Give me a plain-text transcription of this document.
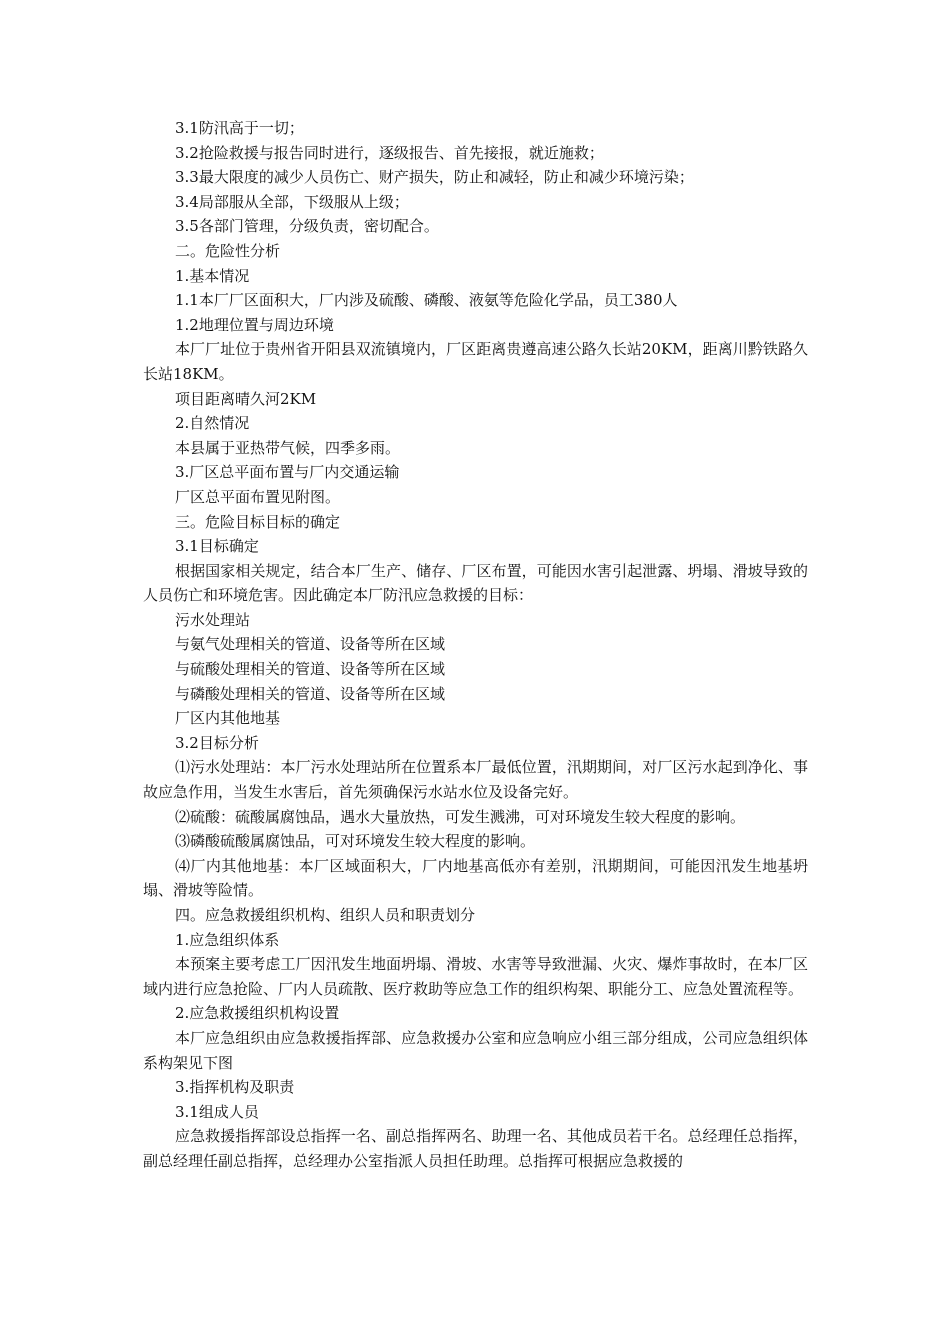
3.1防汛高于一切；

3.2抢险救援与报告同时进行，逐级报告、首先接报，就近施救；

3.3最大限度的减少人员伤亡、财产损失，防止和减轻，防止和减少环境污染；

3.4局部服从全部，下级服从上级；

3.5各部门管理，分级负责，密切配合。

二。危险性分析

1.基本情况

1.1本厂厂区面积大，厂内涉及硫酸、磷酸、液氨等危险化学品，员工380人

1.2地理位置与周边环境

本厂厂址位于贵州省开阳县双流镇境内，厂区距离贵遵高速公路久长站20KM，距离川黔铁路久长站18KM。

项目距离晴久河2KM

2.自然情况

本县属于亚热带气候，四季多雨。

3.厂区总平面布置与厂内交通运输

厂区总平面布置见附图。

三。危险目标目标的确定

3.1目标确定

根据国家相关规定，结合本厂生产、储存、厂区布置，可能因水害引起泄露、坍塌、滑坡导致的人员伤亡和环境危害。因此确定本厂防汛应急救援的目标：

污水处理站

与氨气处理相关的管道、设备等所在区域

与硫酸处理相关的管道、设备等所在区域

与磷酸处理相关的管道、设备等所在区域

厂区内其他地基

3.2目标分析

⑴污水处理站：本厂污水处理站所在位置系本厂最低位置，汛期期间，对厂区污水起到净化、事故应急作用，当发生水害后，首先须确保污水站水位及设备完好。

⑵硫酸：硫酸属腐蚀品，遇水大量放热，可发生溅沸，可对环境发生较大程度的影响。

⑶磷酸硫酸属腐蚀品，可对环境发生较大程度的影响。

⑷厂内其他地基：本厂区域面积大，厂内地基高低亦有差别，汛期期间，可能因汛发生地基坍塌、滑坡等险情。

四。应急救援组织机构、组织人员和职责划分

1.应急组织体系

本预案主要考虑工厂因汛发生地面坍塌、滑坡、水害等导致泄漏、火灾、爆炸事故时，在本厂区域内进行应急抢险、厂内人员疏散、医疗救助等应急工作的组织构架、职能分工、应急处置流程等。

2.应急救援组织机构设置

本厂应急组织由应急救援指挥部、应急救援办公室和应急响应小组三部分组成，公司应急组织体系构架见下图

3.指挥机构及职责

3.1组成人员

应急救援指挥部设总指挥一名、副总指挥两名、助理一名、其他成员若干名。总经理任总指挥，副总经理任副总指挥，总经理办公室指派人员担任助理。总指挥可根据应急救援的
